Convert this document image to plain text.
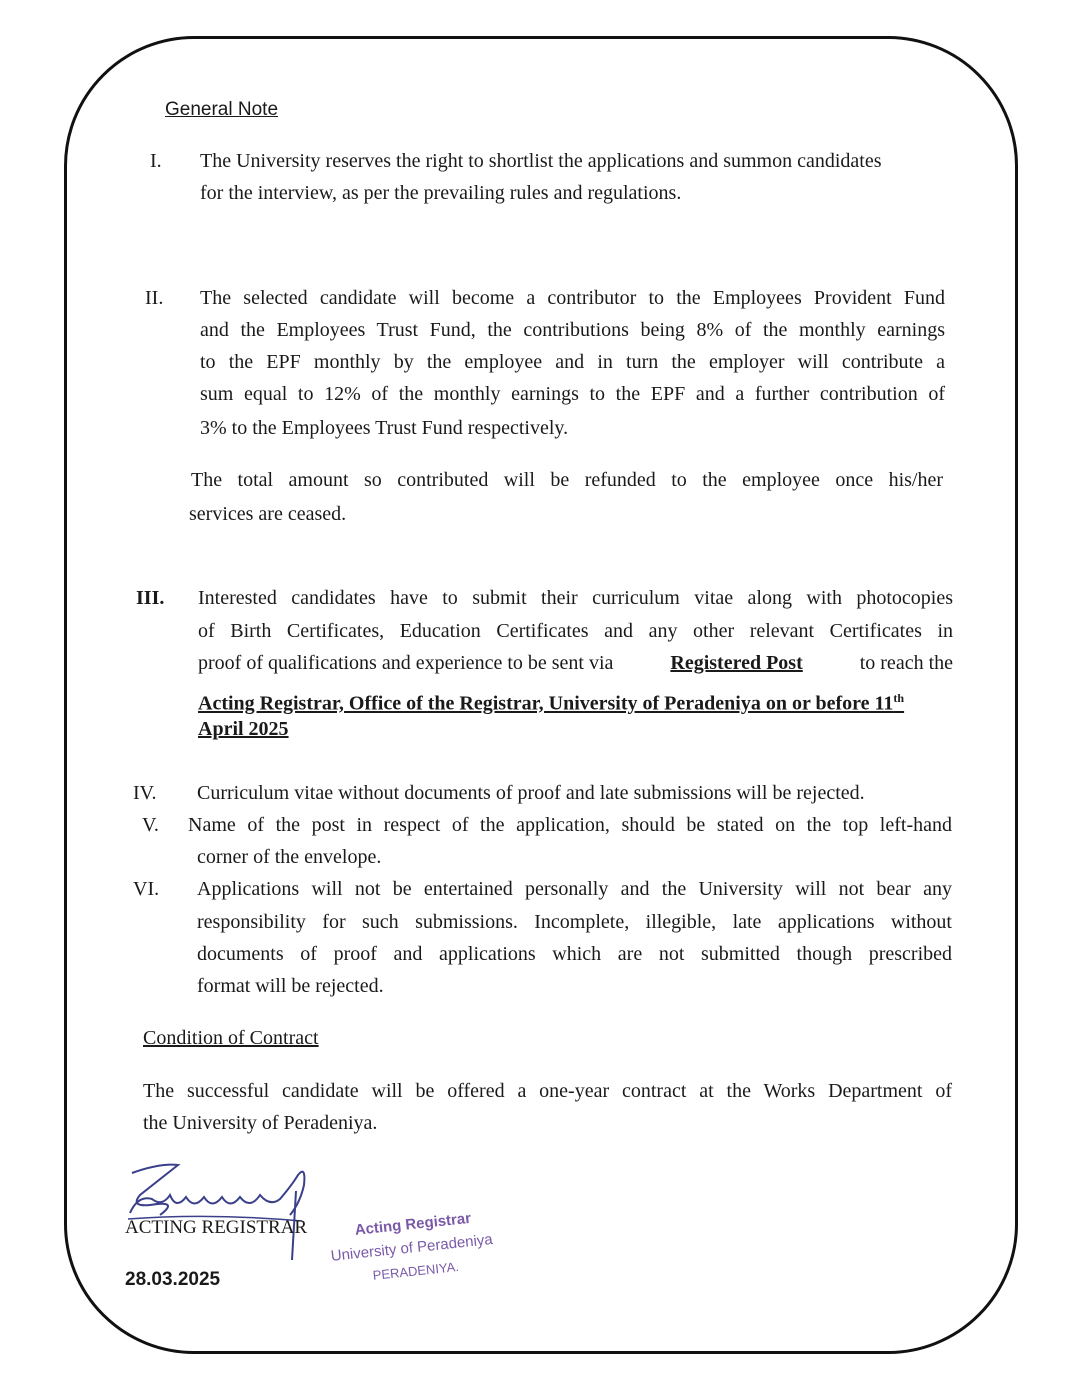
General Note
I. The University reserves the right to shortlist the applications and summon candidates
for the interview, as per the prevailing rules and regulations.
II. The selected candidate will become a contributor to the Employees Provident Fund
and the Employees Trust Fund, the contributions being 8% of the monthly earnings
to the EPF monthly by the employee and in turn the employer will contribute a
sum equal to 12% of the monthly earnings to the EPF and a further contribution of
3% to the Employees Trust Fund respectively.
The total amount so contributed will be refunded to the employee once his/her
services are ceased.
III. Interested candidates have to submit their curriculum vitae along with photocopies
of Birth Certificates, Education Certificates and any other relevant Certificates in
proof of qualifications and experience to be sent via	Registered Post	to reach the
Acting Registrar, Office of the Registrar, University of Peradeniya on or before 11th
April 2025
IV. Curriculum vitae without documents of proof and late submissions will be rejected.
V. Name of the post in respect of the application, should be stated on the top left-hand
corner of the envelope.
VI. Applications will not be entertained personally and the University will not bear any
responsibility for such submissions. Incomplete, illegible, late applications without
documents of proof and applications which are not submitted though prescribed
format will be rejected.
Condition of Contract
The successful candidate will be offered a one-year contract at the Works Department of
the University of Peradeniya.
ACTING REGISTRAR
28.03.2025
Acting Registrar
University of Peradeniya
PERADENIYA.
